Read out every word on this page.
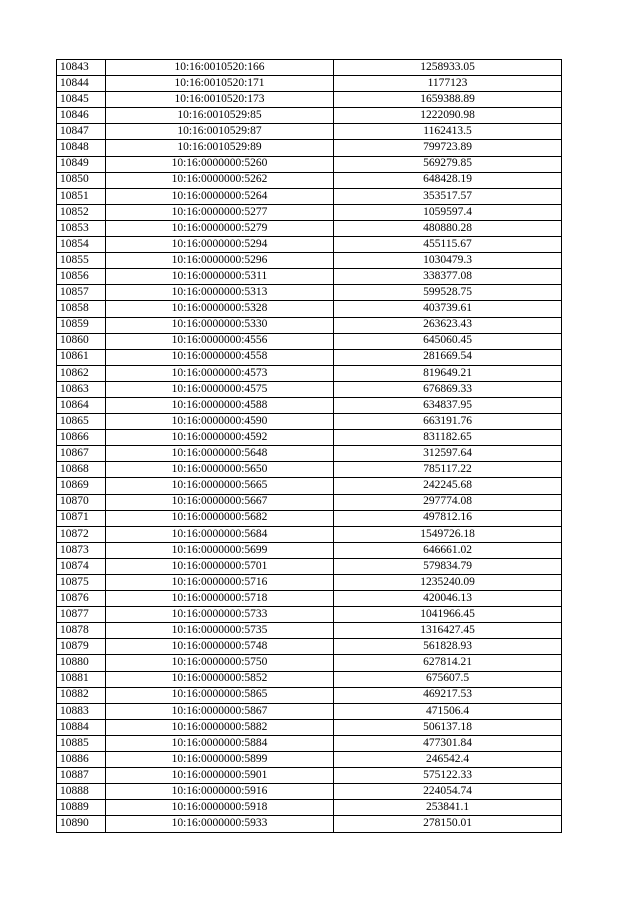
10843	10:16:0010520:166	1258933.05
10844	10:16:0010520:171	1177123
10845	10:16:0010520:173	1659388.89
10846	10:16:0010529:85	1222090.98
10847	10:16:0010529:87	1162413.5
10848	10:16:0010529:89	799723.89
10849	10:16:0000000:5260	569279.85
10850	10:16:0000000:5262	648428.19
10851	10:16:0000000:5264	353517.57
10852	10:16:0000000:5277	1059597.4
10853	10:16:0000000:5279	480880.28
10854	10:16:0000000:5294	455115.67
10855	10:16:0000000:5296	1030479.3
10856	10:16:0000000:5311	338377.08
10857	10:16:0000000:5313	599528.75
10858	10:16:0000000:5328	403739.61
10859	10:16:0000000:5330	263623.43
10860	10:16:0000000:4556	645060.45
10861	10:16:0000000:4558	281669.54
10862	10:16:0000000:4573	819649.21
10863	10:16:0000000:4575	676869.33
10864	10:16:0000000:4588	634837.95
10865	10:16:0000000:4590	663191.76
10866	10:16:0000000:4592	831182.65
10867	10:16:0000000:5648	312597.64
10868	10:16:0000000:5650	785117.22
10869	10:16:0000000:5665	242245.68
10870	10:16:0000000:5667	297774.08
10871	10:16:0000000:5682	497812.16
10872	10:16:0000000:5684	1549726.18
10873	10:16:0000000:5699	646661.02
10874	10:16:0000000:5701	579834.79
10875	10:16:0000000:5716	1235240.09
10876	10:16:0000000:5718	420046.13
10877	10:16:0000000:5733	1041966.45
10878	10:16:0000000:5735	1316427.45
10879	10:16:0000000:5748	561828.93
10880	10:16:0000000:5750	627814.21
10881	10:16:0000000:5852	675607.5
10882	10:16:0000000:5865	469217.53
10883	10:16:0000000:5867	471506.4
10884	10:16:0000000:5882	506137.18
10885	10:16:0000000:5884	477301.84
10886	10:16:0000000:5899	246542.4
10887	10:16:0000000:5901	575122.33
10888	10:16:0000000:5916	224054.74
10889	10:16:0000000:5918	253841.1
10890	10:16:0000000:5933	278150.01
